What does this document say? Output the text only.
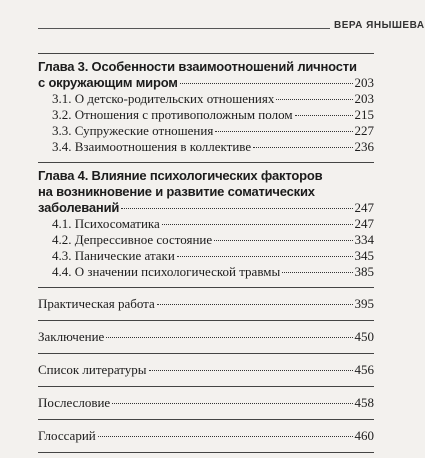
ВЕРА ЯНЫШЕВА
Глава 3. Особенности взаимоотношений личности
с окружающим миром	203
3.1. О детско-родительских отношениях	203
3.2. Отношения с противоположным полом	215
3.3. Супружеские отношения	227
3.4. Взаимоотношения в коллективе	236
Глава 4. Влияние психологических факторов
на возникновение и развитие соматических
заболеваний	247
4.1. Психосоматика	247
4.2. Депрессивное состояние	334
4.3. Панические атаки	345
4.4. О значении психологической травмы	385
Практическая работа	395
Заключение	450
Список литературы	456
Послесловие	458
Глоссарий	460
